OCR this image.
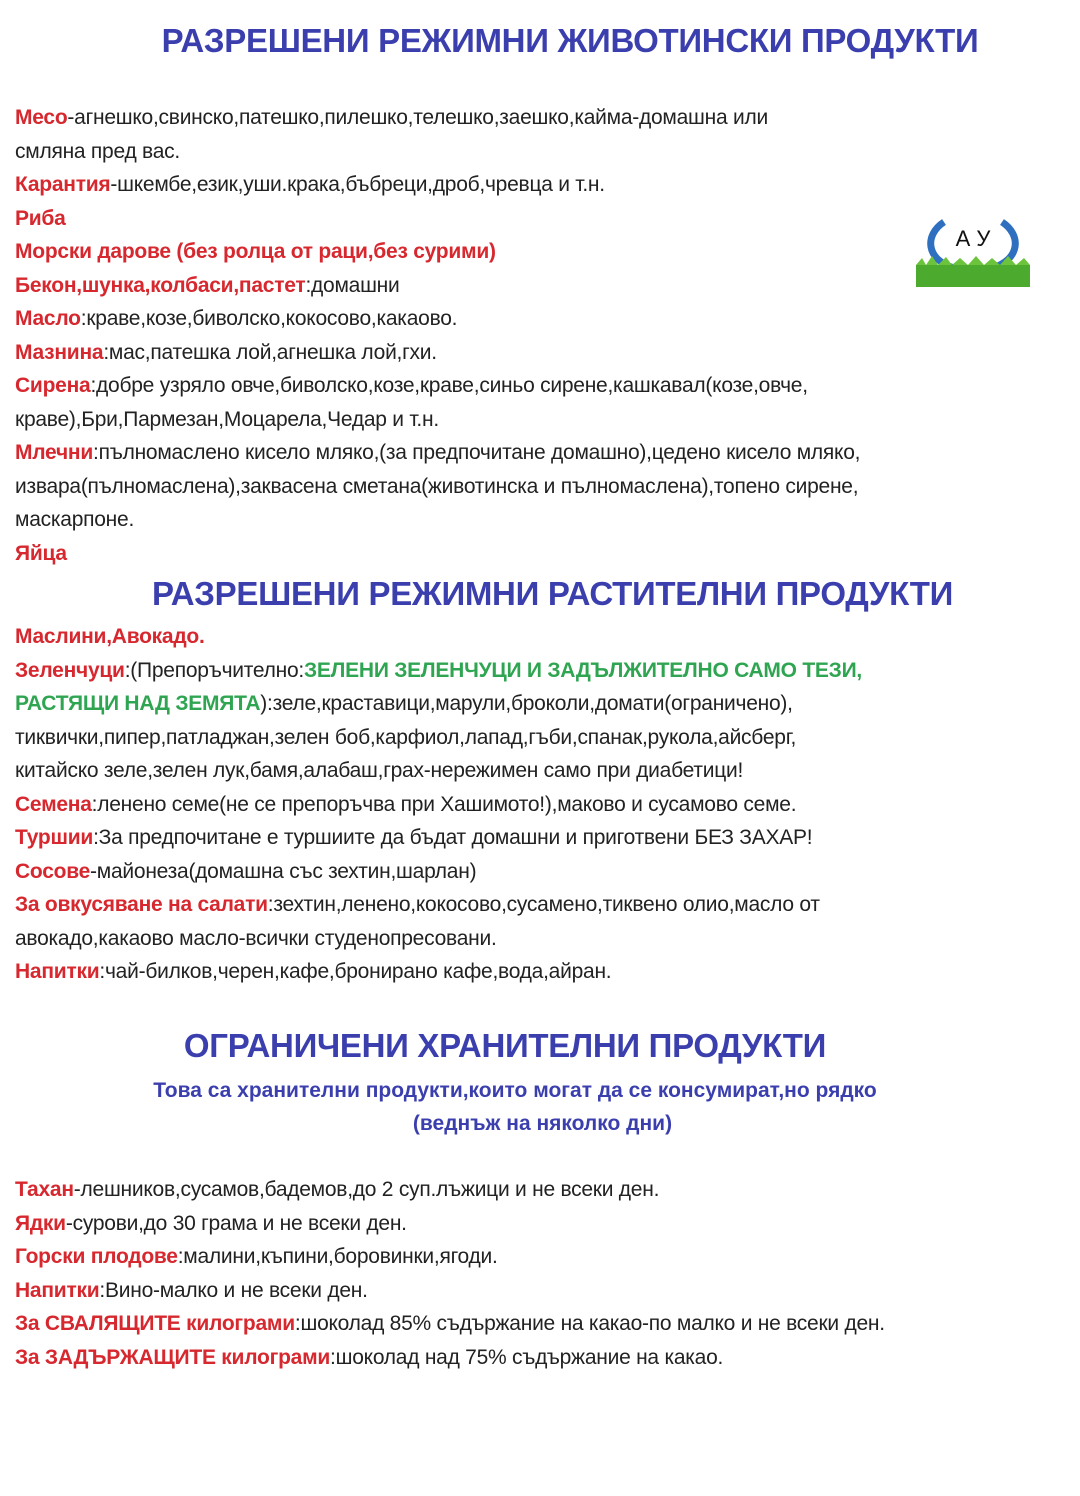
РАЗРЕШЕНИ РЕЖИМНИ ЖИВОТИНСКИ ПРОДУКТИ
Месо-агнешко,свинско,патешко,пилешко,телешко,заешко,кайма-домашна или
смляна пред вас.
Карантия-шкембе,език,уши.крака,бъбреци,дроб,чревца и т.н.
Риба
Морски дарове (без ролца от раци,без сурими)
Бекон,шунка,колбаси,пастет:домашни
Масло:краве,козе,биволско,кокосово,какаово.
Мазнина:мас,патешка лой,агнешка лой,гхи.
Сирена:добре узряло овче,биволско,козе,краве,синьо сирене,кашкавал(козе,овче,
краве),Бри,Пармезан,Моцарела,Чедар и т.н.
Млечни:пълномаслено кисело мляко,(за предпочитане домашно),цедено кисело мляко,
извара(пълномаслена),заквасена сметана(животинска и пълномаслена),топено сирене,
маскарпоне.
Яйца
А У
РАЗРЕШЕНИ РЕЖИМНИ РАСТИТЕЛНИ ПРОДУКТИ
Маслини,Авокадо.
Зеленчуци:(Препоръчително:ЗЕЛЕНИ ЗЕЛЕНЧУЦИ И ЗАДЪЛЖИТЕЛНО САМО ТЕЗИ,
РАСТЯЩИ НАД ЗЕМЯТА):зеле,краставици,марули,броколи,домати(ограничено),
тиквички,пипер,патладжан,зелен боб,карфиол,лапад,гъби,спанак,рукола,айсберг,
китайско зеле,зелен лук,бамя,алабаш,грах-нережимен само при диабетици!
Семена:ленено семе(не се препоръчва при Хашимото!),маково и сусамово семе.
Туршии:За предпочитане е туршиите да бъдат домашни и приготвени БЕЗ ЗАХАР!
Сосове-майонеза(домашна със зехтин,шарлан)
За овкусяване на салати:зехтин,ленено,кокосово,сусамено,тиквено олио,масло от
авокадо,какаово масло-всички студенопресовани.
Напитки:чай-билков,черен,кафе,бронирано кафе,вода,айран.
ОГРАНИЧЕНИ ХРАНИТЕЛНИ ПРОДУКТИ
Това са хранителни продукти,които могат да се консумират,но рядко
(веднъж на няколко дни)
Тахан-лешников,сусамов,бадемов,до 2 суп.лъжици и не всеки ден.
Ядки-сурови,до 30 грама и не всеки ден.
Горски плодове:малини,къпини,боровинки,ягоди.
Напитки:Вино-малко и не всеки ден.
За СВАЛЯЩИТЕ килограми:шоколад 85% съдържание на какао-по малко и не всеки ден.
За ЗАДЪРЖАЩИТЕ килограми:шоколад над 75% съдържание на какао.
